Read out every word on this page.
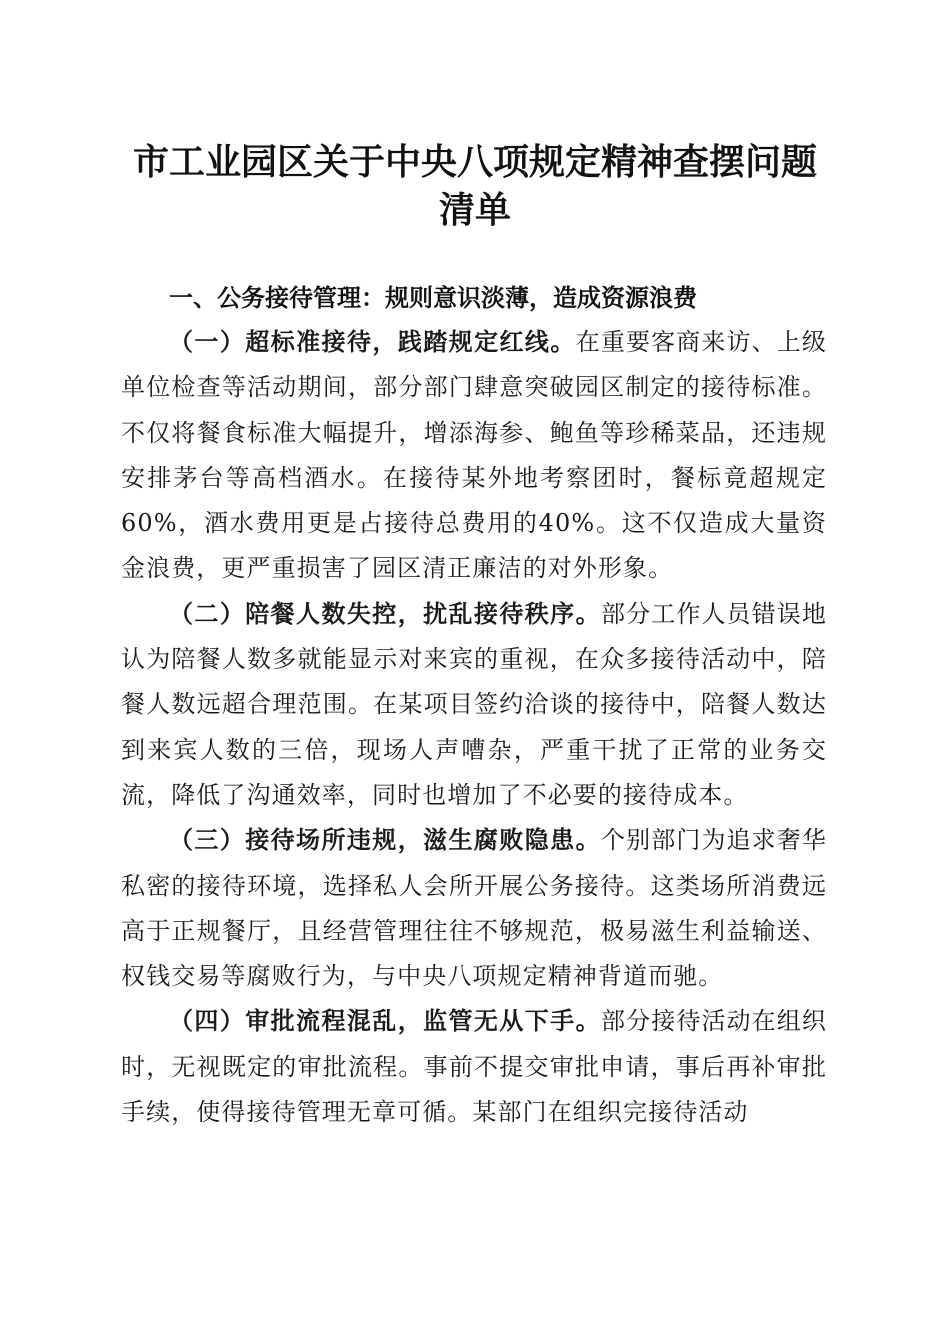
市工业园区关于中央八项规定精神查摆问题清单
一、公务接待管理：规则意识淡薄，造成资源浪费

（一）超标准接待，践踏规定红线。在重要客商来访、上级单位检查等活动期间，部分部门肆意突破园区制定的接待标准。不仅将餐食标准大幅提升，增添海参、鲍鱼等珍稀菜品，还违规安排茅台等高档酒水。在接待某外地考察团时，餐标竟超规定60%，酒水费用更是占接待总费用的40%。这不仅造成大量资金浪费，更严重损害了园区清正廉洁的对外形象。

（二）陪餐人数失控，扰乱接待秩序。部分工作人员错误地认为陪餐人数多就能显示对来宾的重视，在众多接待活动中，陪餐人数远超合理范围。在某项目签约洽谈的接待中，陪餐人数达到来宾人数的三倍，现场人声嘈杂，严重干扰了正常的业务交流，降低了沟通效率，同时也增加了不必要的接待成本。

（三）接待场所违规，滋生腐败隐患。个别部门为追求奢华私密的接待环境，选择私人会所开展公务接待。这类场所消费远高于正规餐厅，且经营管理往往不够规范，极易滋生利益输送、权钱交易等腐败行为，与中央八项规定精神背道而驰。

（四）审批流程混乱，监管无从下手。部分接待活动在组织时，无视既定的审批流程。事前不提交审批申请，事后再补审批手续，使得接待管理无章可循。某部门在组织完接待活动
